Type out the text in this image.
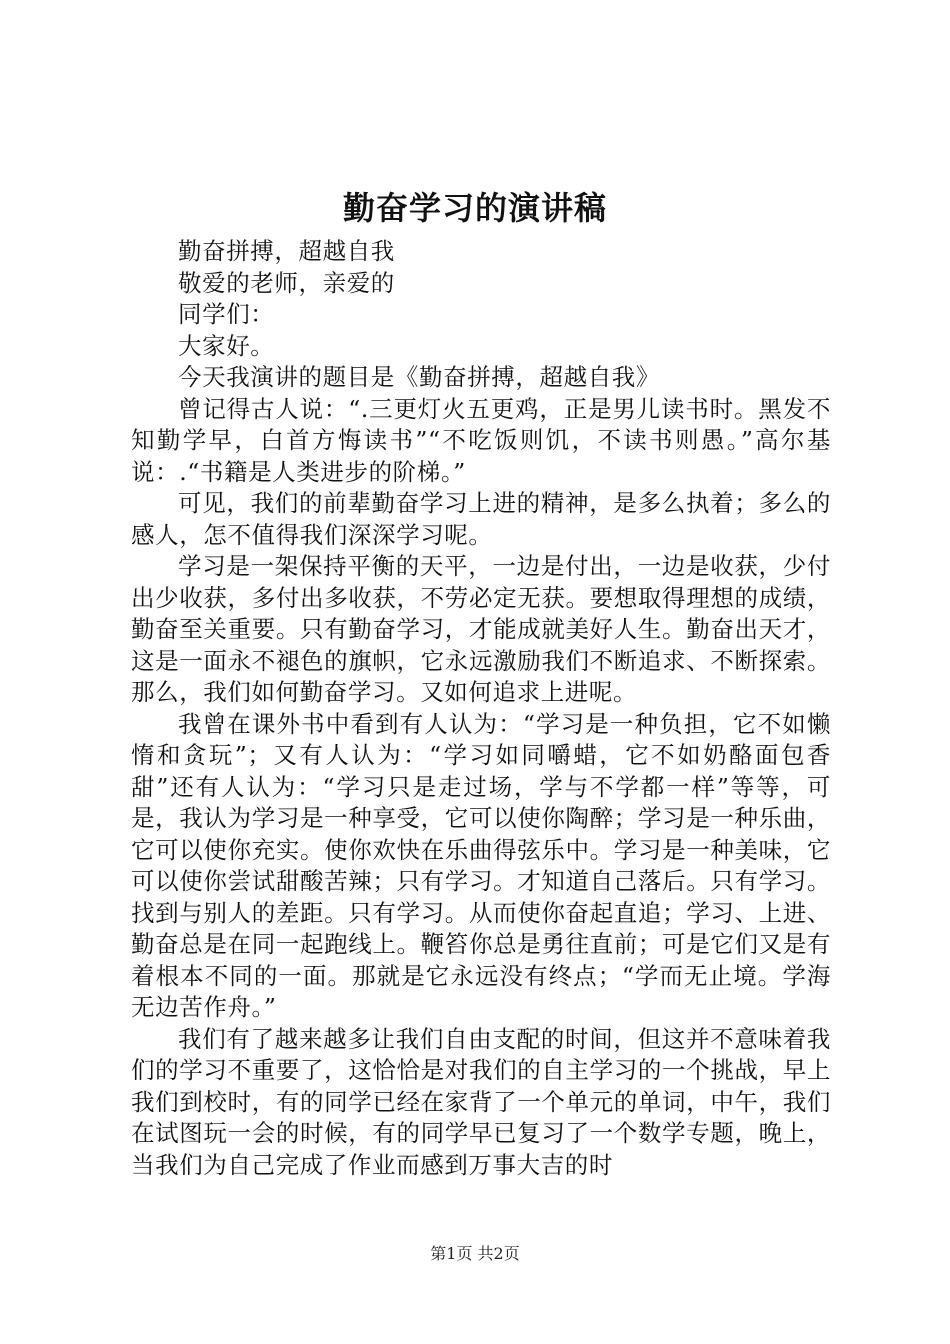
勤奋学习的演讲稿

勤奋拼搏，超越自我

敬爱的老师，亲爱的

同学们：

大家好。

今天我演讲的题目是《勤奋拼搏，超越自我》

曾记得古人说：“.三更灯火五更鸡，正是男儿读书时。黑发不知勤学早，白首方悔读书”“不吃饭则饥，不读书则愚。”高尔基说：.“书籍是人类进步的阶梯。”

可见，我们的前辈勤奋学习上进的精神，是多么执着；多么的感人，怎不值得我们深深学习呢。

学习是一架保持平衡的天平，一边是付出，一边是收获，少付出少收获，多付出多收获，不劳必定无获。要想取得理想的成绩，勤奋至关重要。只有勤奋学习，才能成就美好人生。勤奋出天才，这是一面永不褪色的旗帜，它永远激励我们不断追求、不断探索。那么，我们如何勤奋学习。又如何追求上进呢。

我曾在课外书中看到有人认为：“学习是一种负担，它不如懒惰和贪玩”；又有人认为：“学习如同嚼蜡，它不如奶酪面包香甜”还有人认为：“学习只是走过场，学与不学都一样”等等，可是，我认为学习是一种享受，它可以使你陶醉；学习是一种乐曲，它可以使你充实。使你欢快在乐曲得弦乐中。学习是一种美味，它可以使你尝试甜酸苦辣；只有学习。才知道自己落后。只有学习。找到与别人的差距。只有学习。从而使你奋起直追；学习、上进、勤奋总是在同一起跑线上。鞭笞你总是勇往直前；可是它们又是有着根本不同的一面。那就是它永远没有终点；“学而无止境。学海无边苦作舟。”

我们有了越来越多让我们自由支配的时间，但这并不意味着我们的学习不重要了，这恰恰是对我们的自主学习的一个挑战，早上我们到校时，有的同学已经在家背了一个单元的单词，中午，我们在试图玩一会的时候，有的同学早已复习了一个数学专题，晚上，当我们为自己完成了作业而感到万事大吉的时

第1页 共2页
